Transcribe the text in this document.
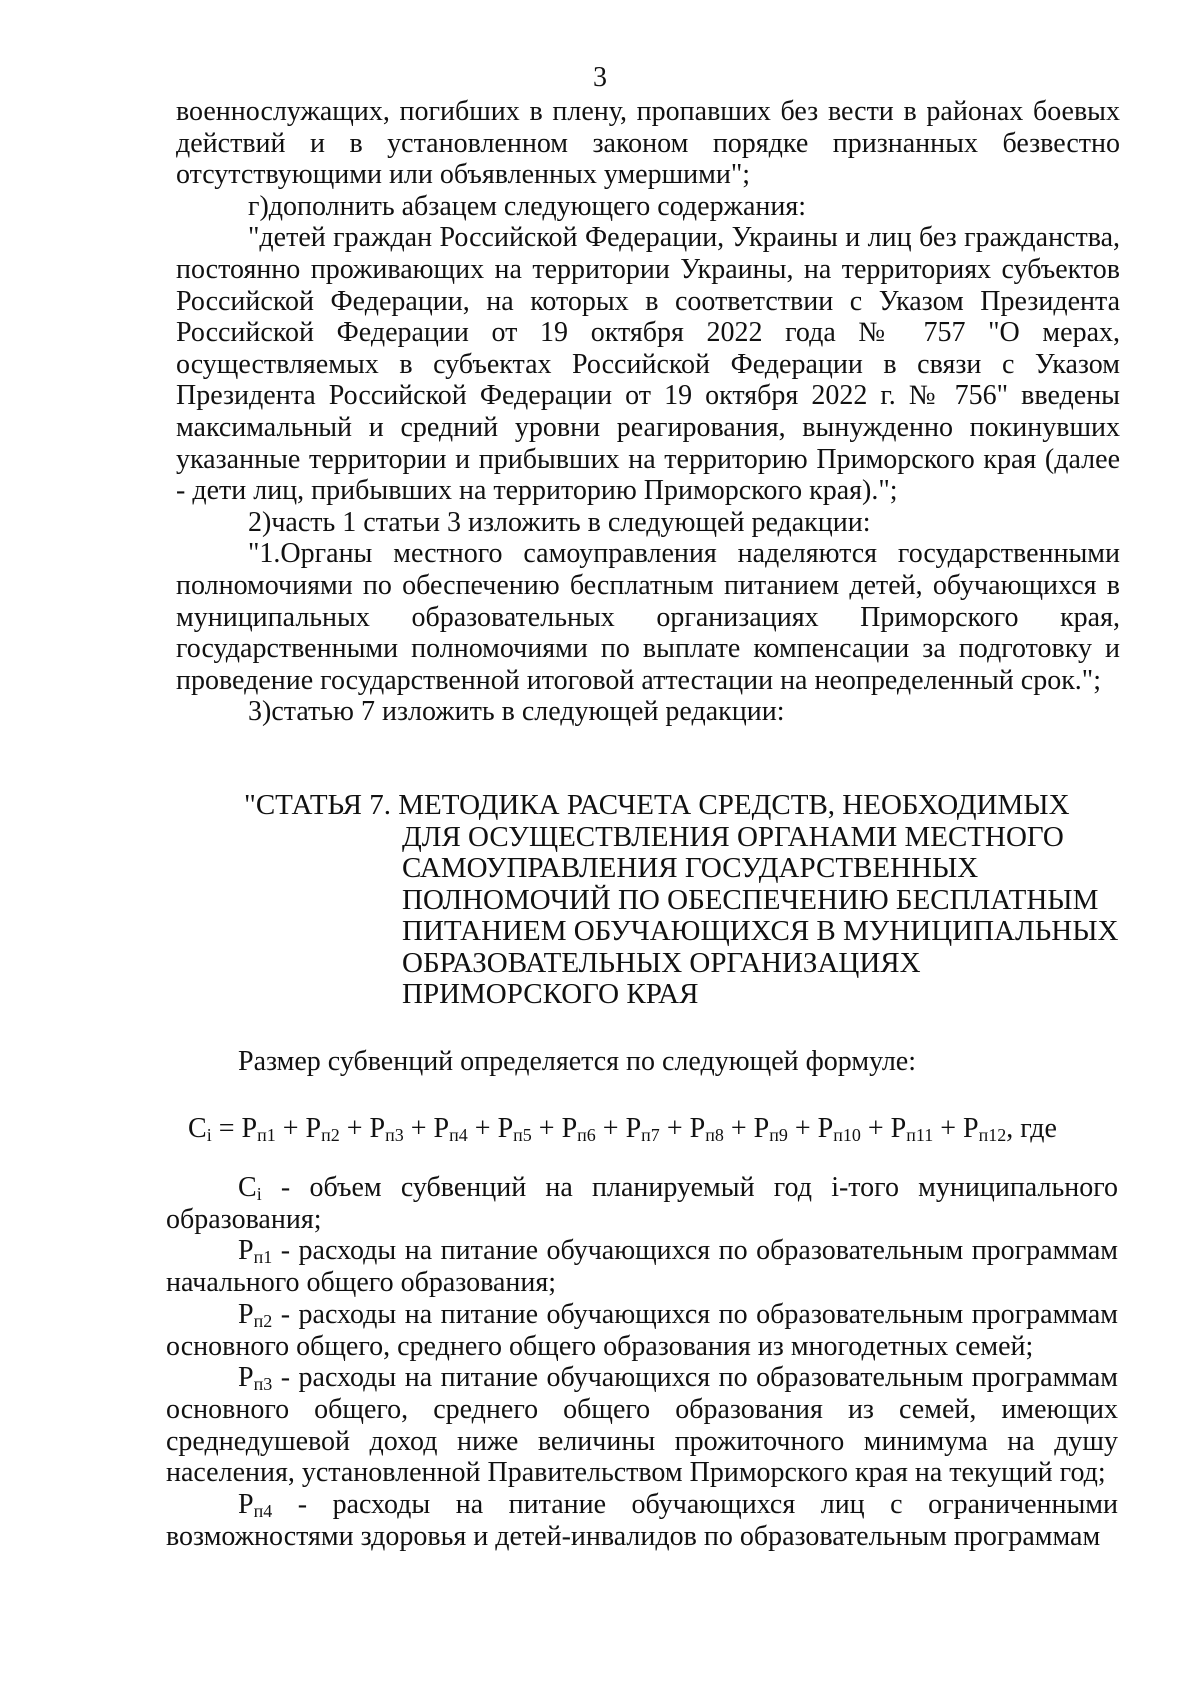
3

военнослужащих, погибших в плену, пропавших без вести в районах боевых действий и в установленном законом порядке признанных безвестно отсутствующими или объявленных умершими";

г)дополнить абзацем следующего содержания:

"детей граждан Российской Федерации, Украины и лиц без гражданства, постоянно проживающих на территории Украины, на территориях субъектов Российской Федерации, на которых в соответствии с Указом Президента Российской Федерации от 19 октября 2022 года № 757 "О мерах, осуществляемых в субъектах Российской Федерации в связи с Указом Президента Российской Федерации от 19 октября 2022 г. № 756" введены максимальный и средний уровни реагирования, вынужденно покинувших указанные территории и прибывших на территорию Приморского края (далее - дети лиц, прибывших на территорию Приморского края).";

2)часть 1 статьи 3 изложить в следующей редакции:

"1.Органы местного самоуправления наделяются государственными полномочиями по обеспечению бесплатным питанием детей, обучающихся в муниципальных образовательных организациях Приморского края, государственными полномочиями по выплате компенсации за подготовку и проведение государственной итоговой аттестации на неопределенный срок.";

3)статью 7 изложить в следующей редакции:

"СТАТЬЯ 7. МЕТОДИКА РАСЧЕТА СРЕДСТВ, НЕОБХОДИМЫХ
ДЛЯ ОСУЩЕСТВЛЕНИЯ ОРГАНАМИ МЕСТНОГО
САМОУПРАВЛЕНИЯ ГОСУДАРСТВЕННЫХ
ПОЛНОМОЧИЙ ПО ОБЕСПЕЧЕНИЮ БЕСПЛАТНЫМ
ПИТАНИЕМ ОБУЧАЮЩИХСЯ В МУНИЦИПАЛЬНЫХ
ОБРАЗОВАТЕЛЬНЫХ ОРГАНИЗАЦИЯХ
ПРИМОРСКОГО КРАЯ
Размер субвенций определяется по следующей формуле:
$C_i = P_{п1} + P_{п2} + P_{п3} + P_{п4} + P_{п5} + P_{п6} + P_{п7} + P_{п8} + P_{п9} + P_{п10} + P_{п11} + P_{п12}$, где

$C_i$ - объем субвенций на планируемый год i-того муниципального образования;

$P_{п1}$ - расходы на питание обучающихся по образовательным программам начального общего образования;

$P_{п2}$ - расходы на питание обучающихся по образовательным программам основного общего, среднего общего образования из многодетных семей;

$P_{п3}$ - расходы на питание обучающихся по образовательным программам основного общего, среднего общего образования из семей, имеющих среднедушевой доход ниже величины прожиточного минимума на душу населения, установленной Правительством Приморского края на текущий год;

$P_{п4}$ - расходы на питание обучающихся лиц с ограниченными возможностями здоровья и детей-инвалидов по образовательным программам
